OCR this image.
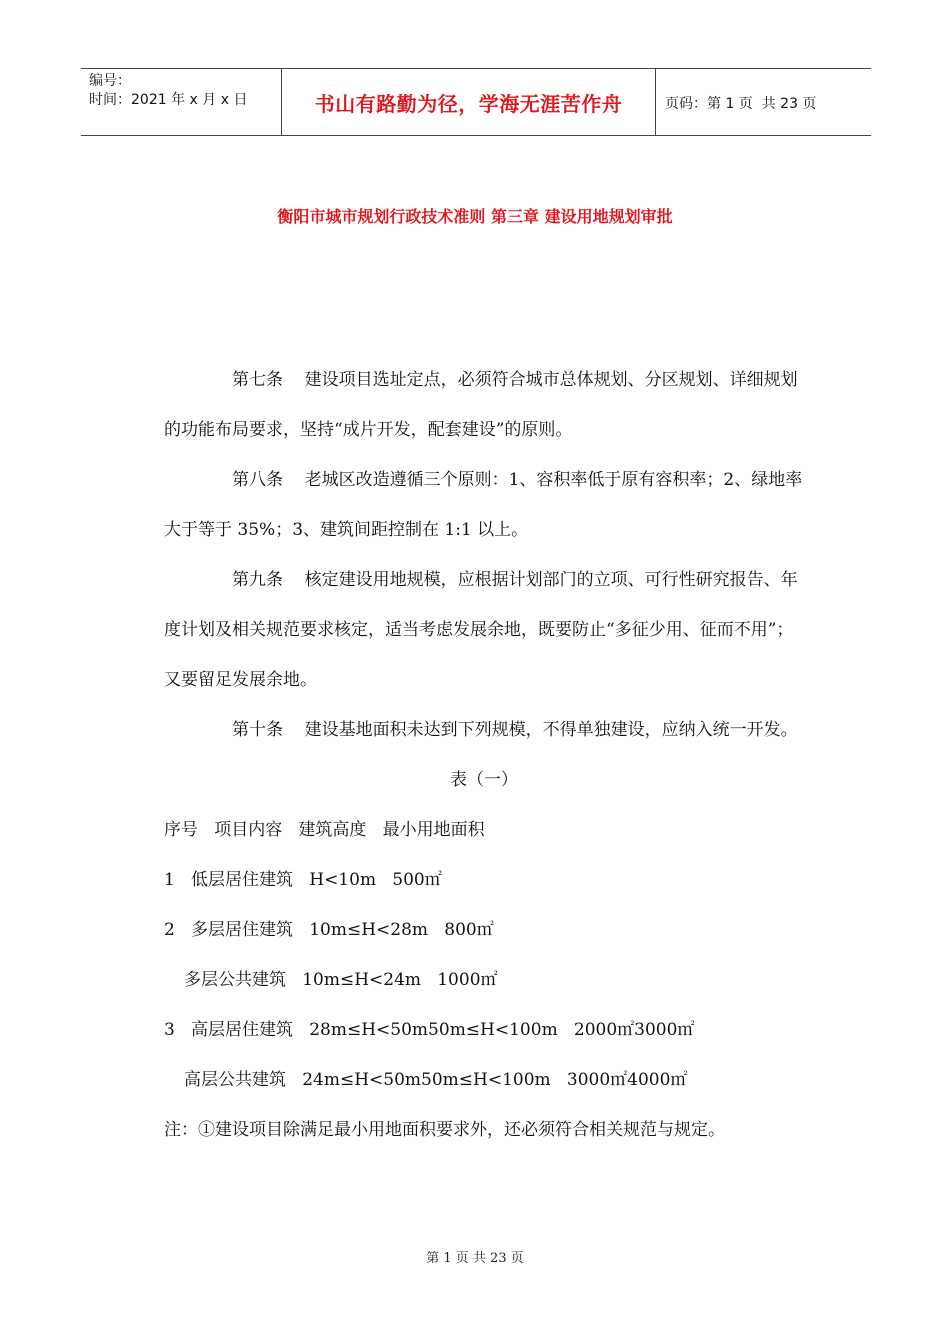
编号：
时间：2021 年 x 月 x 日	书山有路勤为径，学海无涯苦作舟	页码：第 1 页  共 23 页
衡阳市城市规划行政技术准则 第三章 建设用地规划审批

第七条    建设项目选址定点，必须符合城市总体规划、分区规划、详细规划的功能布局要求，坚持“成片开发，配套建设”的原则。

第八条    老城区改造遵循三个原则：1、容积率低于原有容积率；2、绿地率大于等于 35%；3、建筑间距控制在 1:1 以上。

第九条    核定建设用地规模，应根据计划部门的立项、可行性研究报告、年度计划及相关规范要求核定，适当考虑发展余地，既要防止“多征少用、征而不用”；又要留足发展余地。

第十条    建设基地面积未达到下列规模，不得单独建设，应纳入统一开发。

表（一）

序号   项目内容   建筑高度   最小用地面积

1   低层居住建筑   H<10m   500㎡

2   多层居住建筑   10m≤H<28m   800㎡

多层公共建筑   10m≤H<24m   1000㎡

3   高层居住建筑   28m≤H<50m50m≤H<100m   2000㎡3000㎡

高层公共建筑   24m≤H<50m50m≤H<100m   3000㎡4000㎡

注：①建设项目除满足最小用地面积要求外，还必须符合相关规范与规定。

第 1 页 共 23 页
